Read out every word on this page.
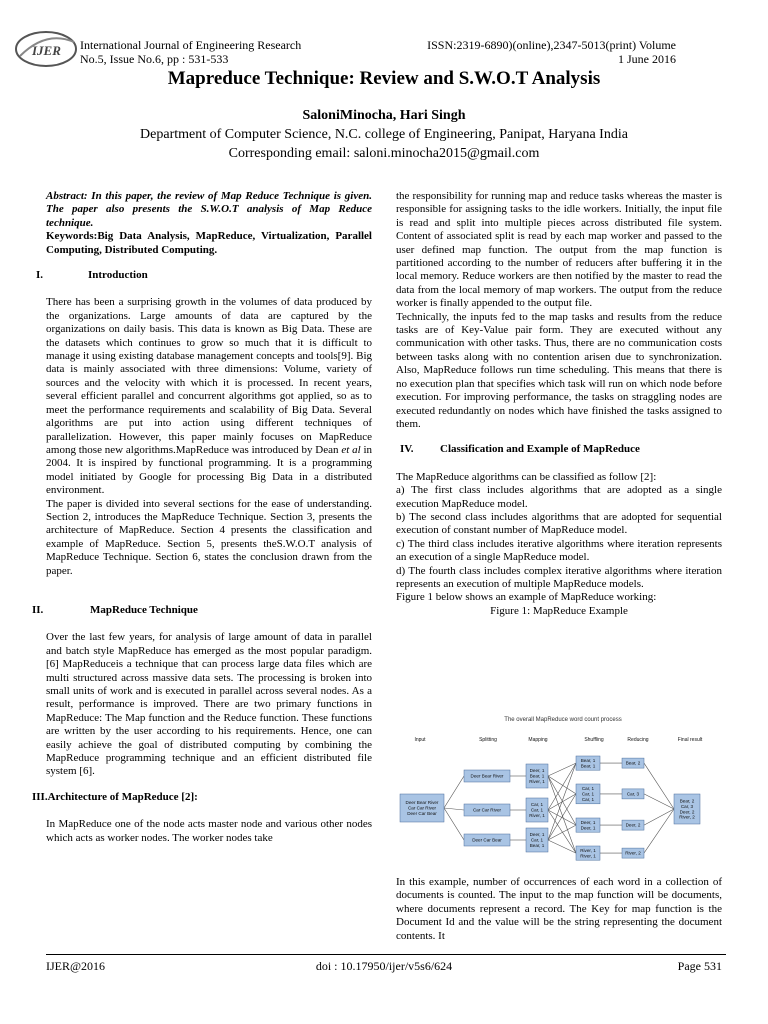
IJER International Journal of Engineering Research
No.5, Issue No.6, pp : 531-533
ISSN:2319-6890)(online),2347-5013(print) Volume
1 June 2016
Mapreduce Technique: Review and S.W.O.T Analysis
SaloniMinocha, Hari Singh
Department of Computer Science, N.C. college of Engineering, Panipat, Haryana India
Corresponding email: saloni.minocha2015@gmail.com

Abstract: In this paper, the review of Map Reduce Technique is given. The paper also presents the S.W.O.T analysis of Map Reduce technique.

Keywords:Big Data Analysis, MapReduce, Virtualization, Parallel Computing, Distributed Computing.

I.	Introduction

There has been a surprising growth in the volumes of data produced by the organizations. Large amounts of data are captured by the organizations on daily basis. This data is known as Big Data. These are the datasets which continues to grow so much that it is difficult to manage it using existing database management concepts and tools[9]. Big data is mainly associated with three dimensions: Volume, variety of sources and the velocity with which it is processed. In recent years, several efficient parallel and concurrent algorithms got applied, so as to meet the performance requirements and scalability of Big Data. Several algorithms are put into action using different techniques of parallelization. However, this paper mainly focuses on MapReduce among those new algorithms.MapReduce was introduced by Dean et al in 2004. It is inspired by functional programming. It is a programming model initiated by Google for processing Big Data in a distributed environment.

The paper is divided into several sections for the ease of understanding. Section 2, introduces the MapReduce Technique. Section 3, presents the architecture of MapReduce. Section 4 presents the classification and example of MapReduce. Section 5, presents theS.W.O.T analysis of MapReduce Technique. Section 6, states the conclusion drawn from the paper.

II.	MapReduce Technique

Over the last few years, for analysis of large amount of data in parallel and batch style MapReduce has emerged as the most popular paradigm. [6] MapReduceis a technique that can process large data files which are multi structured across massive data sets. The processing is broken into small units of work and is executed in parallel across several nodes. As a result, performance is improved. There are two primary functions in MapReduce: The Map function and the Reduce function. These functions are written by the user according to his requirements. Hence, one can easily achieve the goal of distributed computing by combining the MapReduce programming technique and an efficient distributed file system [6].

III.Architecture of MapReduce [2]:

In MapReduce one of the node acts master node and various other nodes which acts as worker nodes. The worker nodes take

the responsibility for running map and reduce tasks whereas the master is responsible for assigning tasks to the idle workers. Initially, the input file is read and split into multiple pieces across distributed file system. Content of associated split is read by each map worker and passed to the user defined map function. The output from the map function is partitioned according to the number of reducers after buffering it in the local memory. Reduce workers are then notified by the master to read the data from the local memory of map workers. The output from the reduce worker is finally appended to the output file.

Technically, the inputs fed to the map tasks and results from the reduce tasks are of Key-Value pair form. They are executed without any communication with other tasks. Thus, there are no communication costs between tasks along with no contention arisen due to synchronization. Also, MapReduce follows run time scheduling. This means that there is no execution plan that specifies which task will run on which node before execution. For improving performance, the tasks on straggling nodes are executed redundantly on nodes which have finished the tasks assigned to them.

IV. Classification and Example of MapReduce

The MapReduce algorithms can be classified as follow [2]:

a) The first class includes algorithms that are adopted as a single execution MapReduce model.

b) The second class includes algorithms that are adopted for sequential execution of constant number of MapReduce model.

c) The third class includes iterative algorithms where iteration represents an execution of a single MapReduce model.

d) The fourth class includes complex iterative algorithms where iteration represents an execution of multiple MapReduce models.

Figure 1 below shows an example of MapReduce working:

Figure 1: MapReduce Example

The overall MapReduce word count process
Input	Splitting	Mapping	Shuffling	Reducing	Final result
Deer Bear River
Car Car River
Deer Car Bear
Deer Bear River
Car Car River
Deer Car Bear
Deer, 1
Bear, 1
River, 1
Car, 1
Car, 1
River, 1
Deer, 1
Car, 1
Bear, 1
Bear, 1
Bear, 1
Car, 1
Car, 1
Car, 1
Deer, 1
Deer, 1
River, 1
River, 1
Bear, 2
Car, 3
Deer, 2
River, 2
Bear, 2
Car, 3
Deer, 2
River, 2

In this example, number of occurrences of each word in a collection of documents is counted. The input to the map function will be documents, where documents represent a record. The Key for map function is the Document Id and the value will be the string representing the document contents. It

IJER@2016	doi : 10.17950/ijer/v5s6/624	Page 531
